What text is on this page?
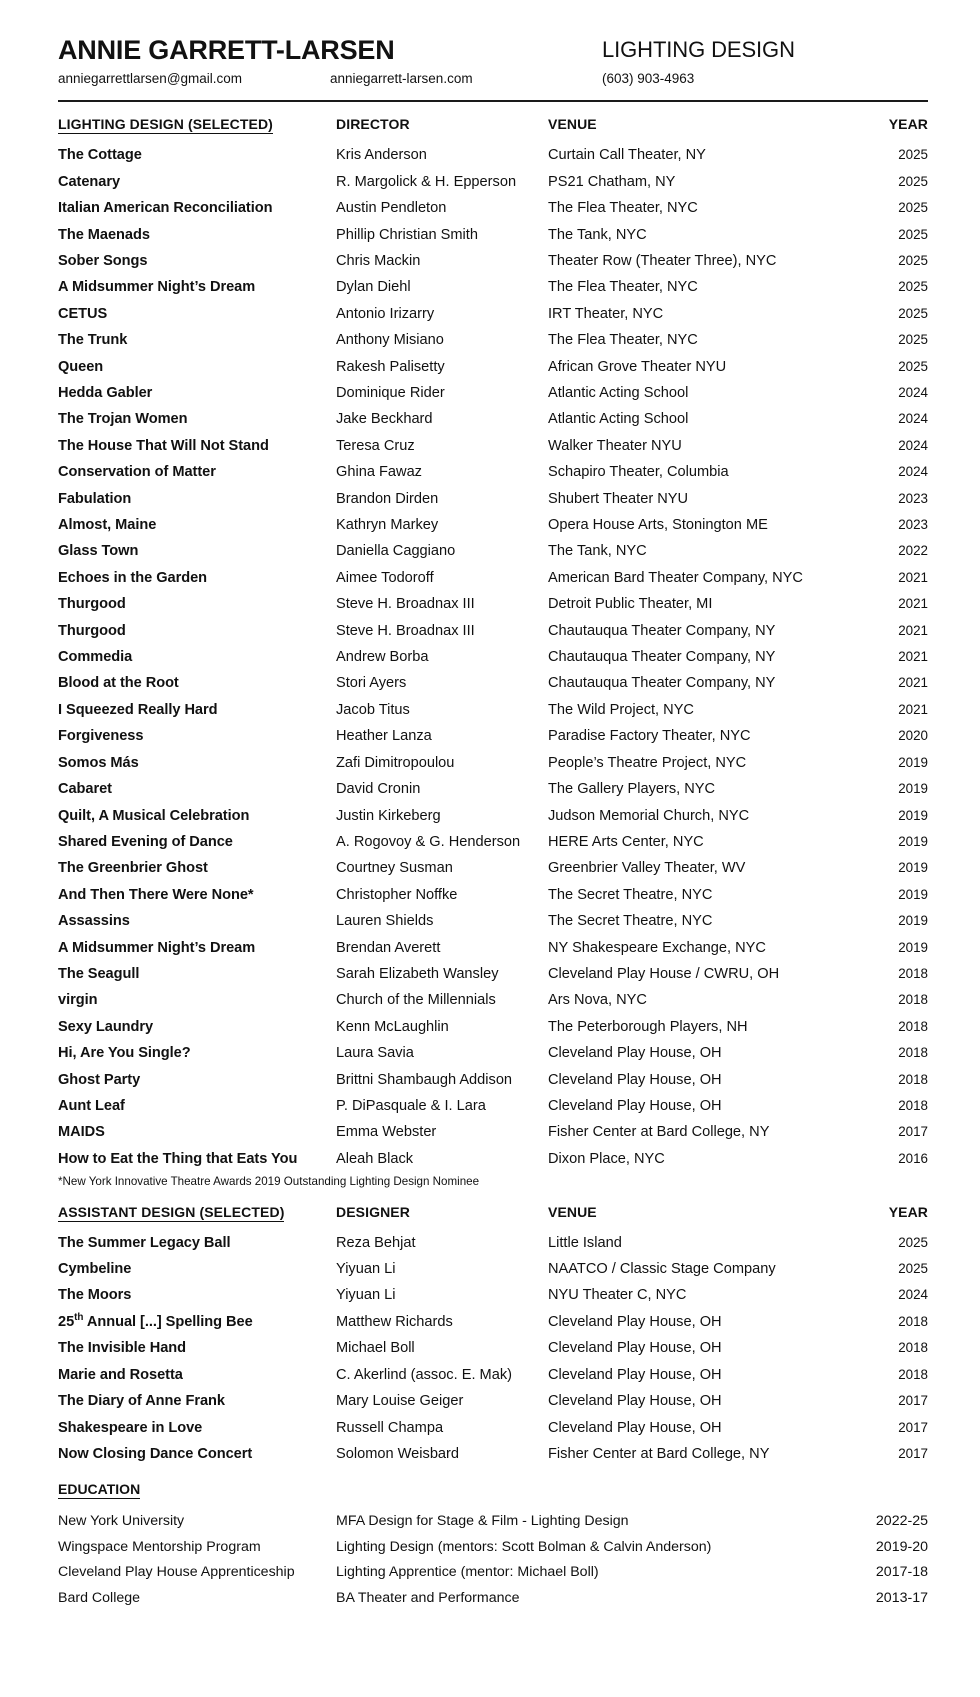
ANNIE GARRETT-LARSEN
anniegarrettlarsen@gmail.com	anniegarrett-larsen.com
LIGHTING DESIGN
(603) 903-4963
LIGHTING DESIGN (SELECTED)	DIRECTOR	VENUE	YEAR
The Cottage	Kris Anderson	Curtain Call Theater, NY	2025
Catenary	R. Margolick & H. Epperson	PS21 Chatham, NY	2025
Italian American Reconciliation	Austin Pendleton	The Flea Theater, NYC	2025
The Maenads	Phillip Christian Smith	The Tank, NYC	2025
Sober Songs	Chris Mackin	Theater Row (Theater Three), NYC	2025
A Midsummer Night’s Dream	Dylan Diehl	The Flea Theater, NYC	2025
CETUS	Antonio Irizarry	IRT Theater, NYC	2025
The Trunk	Anthony Misiano	The Flea Theater, NYC	2025
Queen	Rakesh Palisetty	African Grove Theater NYU	2025
Hedda Gabler	Dominique Rider	Atlantic Acting School	2024
The Trojan Women	Jake Beckhard	Atlantic Acting School	2024
The House That Will Not Stand	Teresa Cruz	Walker Theater NYU	2024
Conservation of Matter	Ghina Fawaz	Schapiro Theater, Columbia	2024
Fabulation	Brandon Dirden	Shubert Theater NYU	2023
Almost, Maine	Kathryn Markey	Opera House Arts, Stonington ME	2023
Glass Town	Daniella Caggiano	The Tank, NYC	2022
Echoes in the Garden	Aimee Todoroff	American Bard Theater Company, NYC	2021
Thurgood	Steve H. Broadnax III	Detroit Public Theater, MI	2021
Thurgood	Steve H. Broadnax III	Chautauqua Theater Company, NY	2021
Commedia	Andrew Borba	Chautauqua Theater Company, NY	2021
Blood at the Root	Stori Ayers	Chautauqua Theater Company, NY	2021
I Squeezed Really Hard	Jacob Titus	The Wild Project, NYC	2021
Forgiveness	Heather Lanza	Paradise Factory Theater, NYC	2020
Somos Más	Zafi Dimitropoulou	People’s Theatre Project, NYC	2019
Cabaret	David Cronin	The Gallery Players, NYC	2019
Quilt, A Musical Celebration	Justin Kirkeberg	Judson Memorial Church, NYC	2019
Shared Evening of Dance	A. Rogovoy & G. Henderson	HERE Arts Center, NYC	2019
The Greenbrier Ghost	Courtney Susman	Greenbrier Valley Theater, WV	2019
And Then There Were None*	Christopher Noffke	The Secret Theatre, NYC	2019
Assassins	Lauren Shields	The Secret Theatre, NYC	2019
A Midsummer Night’s Dream	Brendan Averett	NY Shakespeare Exchange, NYC	2019
The Seagull	Sarah Elizabeth Wansley	Cleveland Play House / CWRU, OH	2018
virgin	Church of the Millennials	Ars Nova, NYC	2018
Sexy Laundry	Kenn McLaughlin	The Peterborough Players, NH	2018
Hi, Are You Single?	Laura Savia	Cleveland Play House, OH	2018
Ghost Party	Brittni Shambaugh Addison	Cleveland Play House, OH	2018
Aunt Leaf	P. DiPasquale & I. Lara	Cleveland Play House, OH	2018
MAIDS	Emma Webster	Fisher Center at Bard College, NY	2017
How to Eat the Thing that Eats You	Aleah Black	Dixon Place, NYC	2016
*New York Innovative Theatre Awards 2019 Outstanding Lighting Design Nominee
ASSISTANT DESIGN (SELECTED)	DESIGNER	VENUE	YEAR
The Summer Legacy Ball	Reza Behjat	Little Island	2025
Cymbeline	Yiyuan Li	NAATCO / Classic Stage Company	2025
The Moors	Yiyuan Li	NYU Theater C, NYC	2024
25th Annual [...] Spelling Bee	Matthew Richards	Cleveland Play House, OH	2018
The Invisible Hand	Michael Boll	Cleveland Play House, OH	2018
Marie and Rosetta	C. Akerlind (assoc. E. Mak)	Cleveland Play House, OH	2018
The Diary of Anne Frank	Mary Louise Geiger	Cleveland Play House, OH	2017
Shakespeare in Love	Russell Champa	Cleveland Play House, OH	2017
Now Closing Dance Concert	Solomon Weisbard	Fisher Center at Bard College, NY	2017
EDUCATION
New York University	MFA Design for Stage & Film - Lighting Design	2022-25
Wingspace Mentorship Program	Lighting Design (mentors: Scott Bolman & Calvin Anderson)	2019-20
Cleveland Play House Apprenticeship	Lighting Apprentice (mentor: Michael Boll)	2017-18
Bard College	BA Theater and Performance	2013-17
